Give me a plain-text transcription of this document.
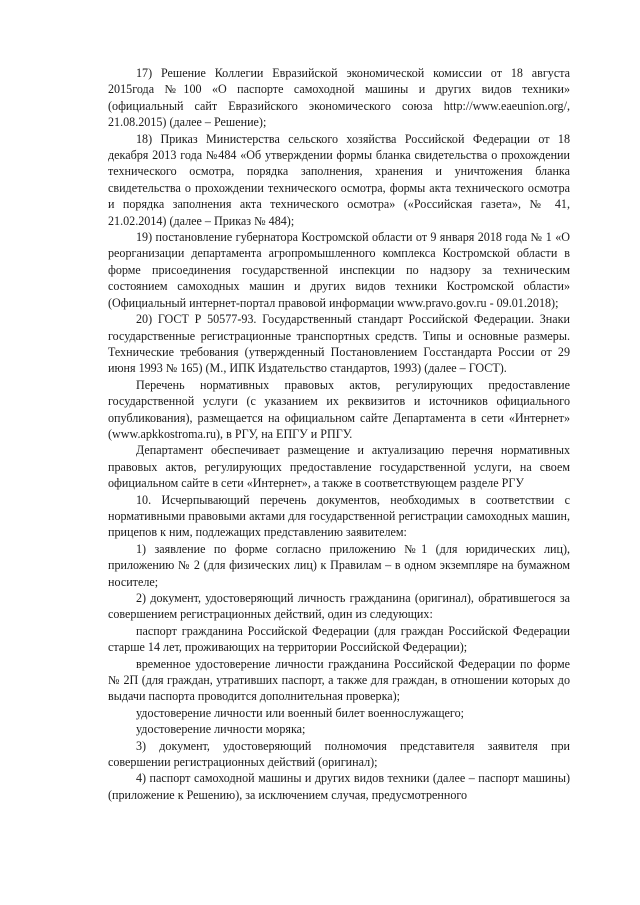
17) Решение Коллегии Евразийской экономической комиссии от 18 августа 2015года №100 «О паспорте самоходной машины и других видов техники» (официальный сайт Евразийского экономического союза http://www.eaeunion.org/, 21.08.2015) (далее – Решение);

18) Приказ Министерства сельского хозяйства Российской Федерации от 18 декабря 2013 года №484 «Об утверждении формы бланка свидетельства о прохождении технического осмотра, порядка заполнения, хранения и уничтожения бланка свидетельства о прохождении технического осмотра, формы акта технического осмотра и порядка заполнения акта технического осмотра» («Российская газета», № 41, 21.02.2014) (далее – Приказ № 484);

19) постановление губернатора Костромской области от 9 января 2018 года № 1 «О реорганизации департамента агропромышленного комплекса Костромской области в форме присоединения государственной инспекции по надзору за техническим состоянием самоходных машин и других видов техники Костромской области» (Официальный интернет-портал правовой информации www.pravo.gov.ru - 09.01.2018);

20) ГОСТ Р 50577-93. Государственный стандарт Российской Федерации. Знаки государственные регистрационные транспортных средств. Типы и основные размеры. Технические требования (утвержденный Постановлением Госстандарта России от 29 июня 1993 № 165) (М., ИПК Издательство стандартов, 1993) (далее – ГОСТ).

Перечень нормативных правовых актов, регулирующих предоставление государственной услуги (с указанием их реквизитов и источников официального опубликования), размещается на официальном сайте Департамента в сети «Интернет» (www.apkkostroma.ru), в РГУ, на ЕПГУ и РПГУ.

Департамент обеспечивает размещение и актуализацию перечня нормативных правовых актов, регулирующих предоставление государственной услуги, на своем официальном сайте в сети «Интернет», а также в соответствующем разделе РГУ

10. Исчерпывающий перечень документов, необходимых в соответствии с нормативными правовыми актами для государственной регистрации самоходных машин, прицепов к ним, подлежащих представлению заявителем:

1) заявление по форме согласно приложению №1 (для юридических лиц), приложению № 2 (для физических лиц) к Правилам – в одном экземпляре на бумажном носителе;

2) документ, удостоверяющий личность гражданина (оригинал), обратившегося за совершением регистрационных действий, один из следующих:

паспорт гражданина Российской Федерации (для граждан Российской Федерации старше 14 лет, проживающих на территории Российской Федерации);

временное удостоверение личности гражданина Российской Федерации по форме № 2П (для граждан, утративших паспорт, а также для граждан, в отношении которых до выдачи паспорта проводится дополнительная проверка);

удостоверение личности или военный билет военнослужащего;

удостоверение личности моряка;

3) документ, удостоверяющий полномочия представителя заявителя при совершении регистрационных действий (оригинал);

4) паспорт самоходной машины и других видов техники (далее – паспорт машины) (приложение к Решению), за исключением случая, предусмотренного
